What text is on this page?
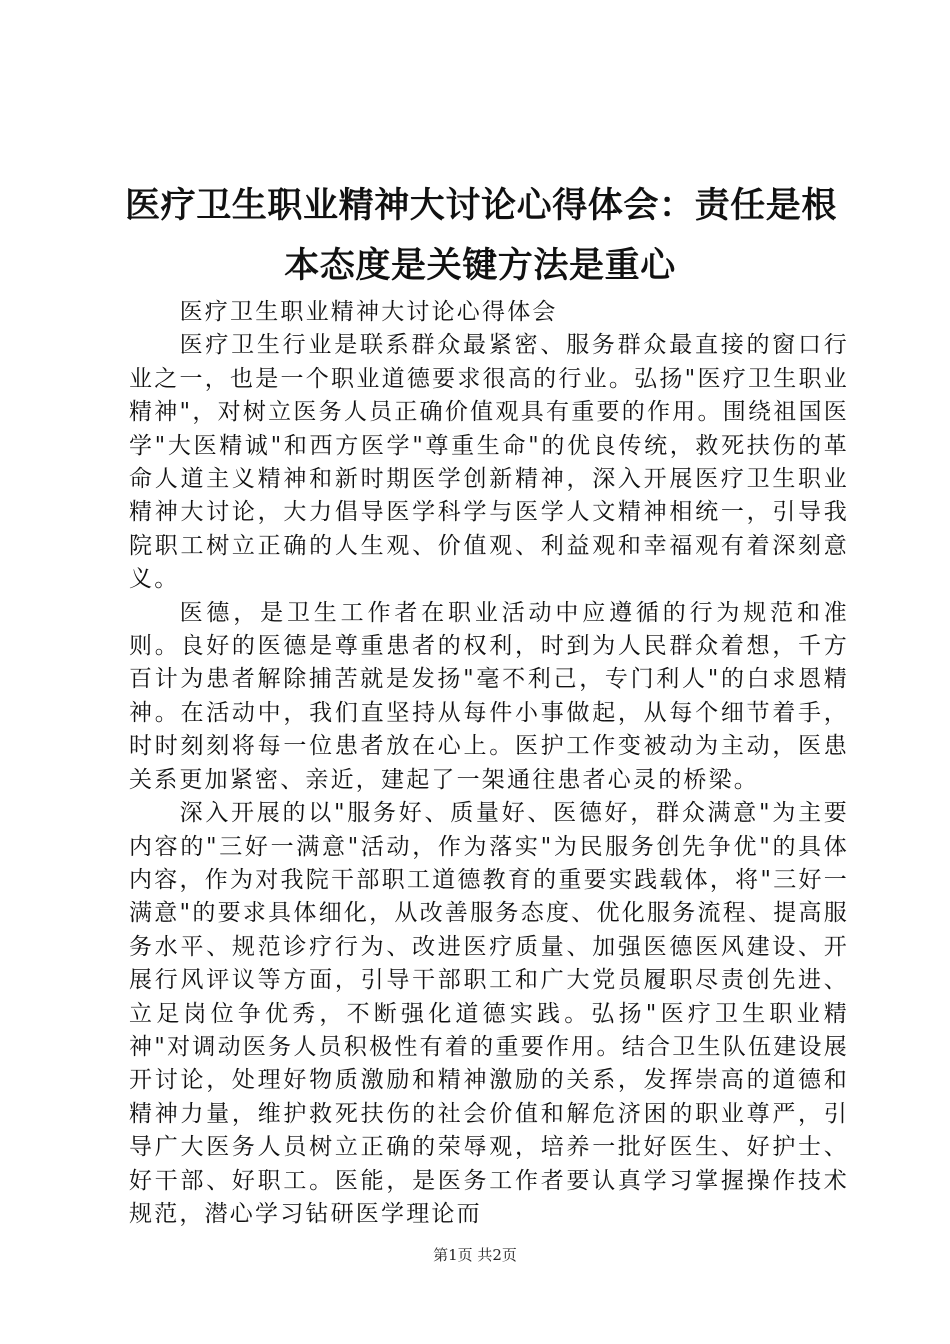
医疗卫生职业精神大讨论心得体会：责任是根
本态度是关键方法是重心

医疗卫生职业精神大讨论心得体会

医疗卫生行业是联系群众最紧密、服务群众最直接的窗口行业之一，也是一个职业道德要求很高的行业。弘扬"医疗卫生职业精神"，对树立医务人员正确价值观具有重要的作用。围绕祖国医学"大医精诚"和西方医学"尊重生命"的优良传统，救死扶伤的革命人道主义精神和新时期医学创新精神，深入开展医疗卫生职业精神大讨论，大力倡导医学科学与医学人文精神相统一，引导我院职工树立正确的人生观、价值观、利益观和幸福观有着深刻意义。

医德，是卫生工作者在职业活动中应遵循的行为规范和准则。良好的医德是尊重患者的权利，时到为人民群众着想，千方百计为患者解除捕苦就是发扬"毫不利己，专门利人"的白求恩精神。在活动中，我们直坚持从每件小事做起，从每个细节着手，时时刻刻将每一位患者放在心上。医护工作变被动为主动，医患关系更加紧密、亲近，建起了一架通往患者心灵的桥梁。

深入开展的以"服务好、质量好、医德好，群众满意"为主要内容的"三好一满意"活动，作为落实"为民服务创先争优"的具体内容，作为对我院干部职工道德教育的重要实践载体，将"三好一满意"的要求具体细化，从改善服务态度、优化服务流程、提高服务水平、规范诊疗行为、改进医疗质量、加强医德医风建设、开展行风评议等方面，引导干部职工和广大党员履职尽责创先进、立足岗位争优秀，不断强化道德实践。弘扬"医疗卫生职业精神"对调动医务人员积极性有着的重要作用。结合卫生队伍建设展开讨论，处理好物质激励和精神激励的关系，发挥崇高的道德和精神力量，维护救死扶伤的社会价值和解危济困的职业尊严，引导广大医务人员树立正确的荣辱观，培养一批好医生、好护士、好干部、好职工。医能，是医务工作者要认真学习掌握操作技术规范，潜心学习钻研医学理论而

第1页 共2页
